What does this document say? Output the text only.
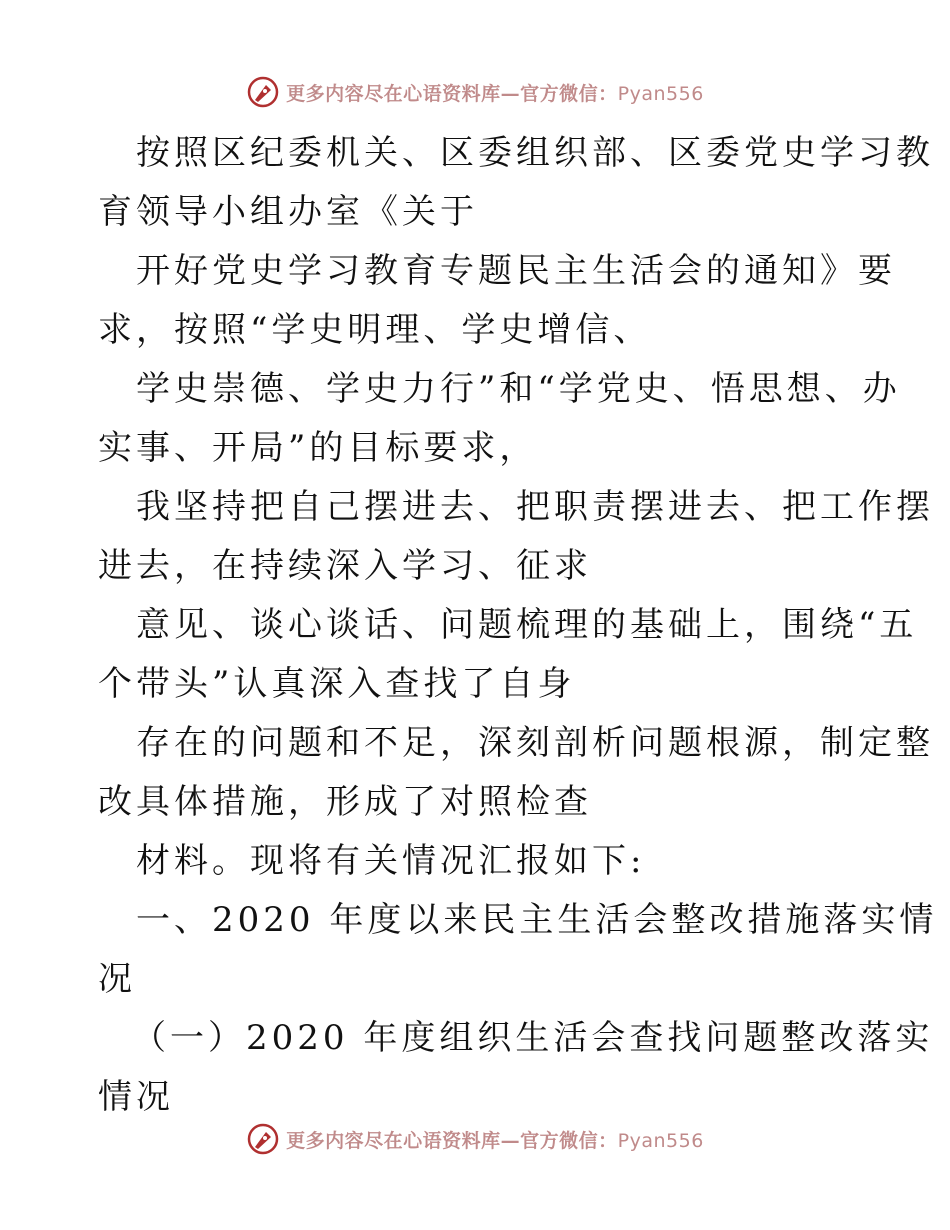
更多内容尽在心语资料库—官方微信：Pyan556
按照区纪委机关、区委组织部、区委党史学习教
育领导小组办室《关于
开好党史学习教育专题民主生活会的通知》要
求，按照“学史明理、学史增信、
学史崇德、学史力行”和“学党史、悟思想、办
实事、开局”的目标要求，
我坚持把自己摆进去、把职责摆进去、把工作摆
进去，在持续深入学习、征求
意见、谈心谈话、问题梳理的基础上，围绕“五
个带头”认真深入查找了自身
存在的问题和不足，深刻剖析问题根源，制定整
改具体措施，形成了对照检查
材料。现将有关情况汇报如下:
一、2020 年度以来民主生活会整改措施落实情
况
（一）2020 年度组织生活会查找问题整改落实
情况
更多内容尽在心语资料库—官方微信：Pyan556
